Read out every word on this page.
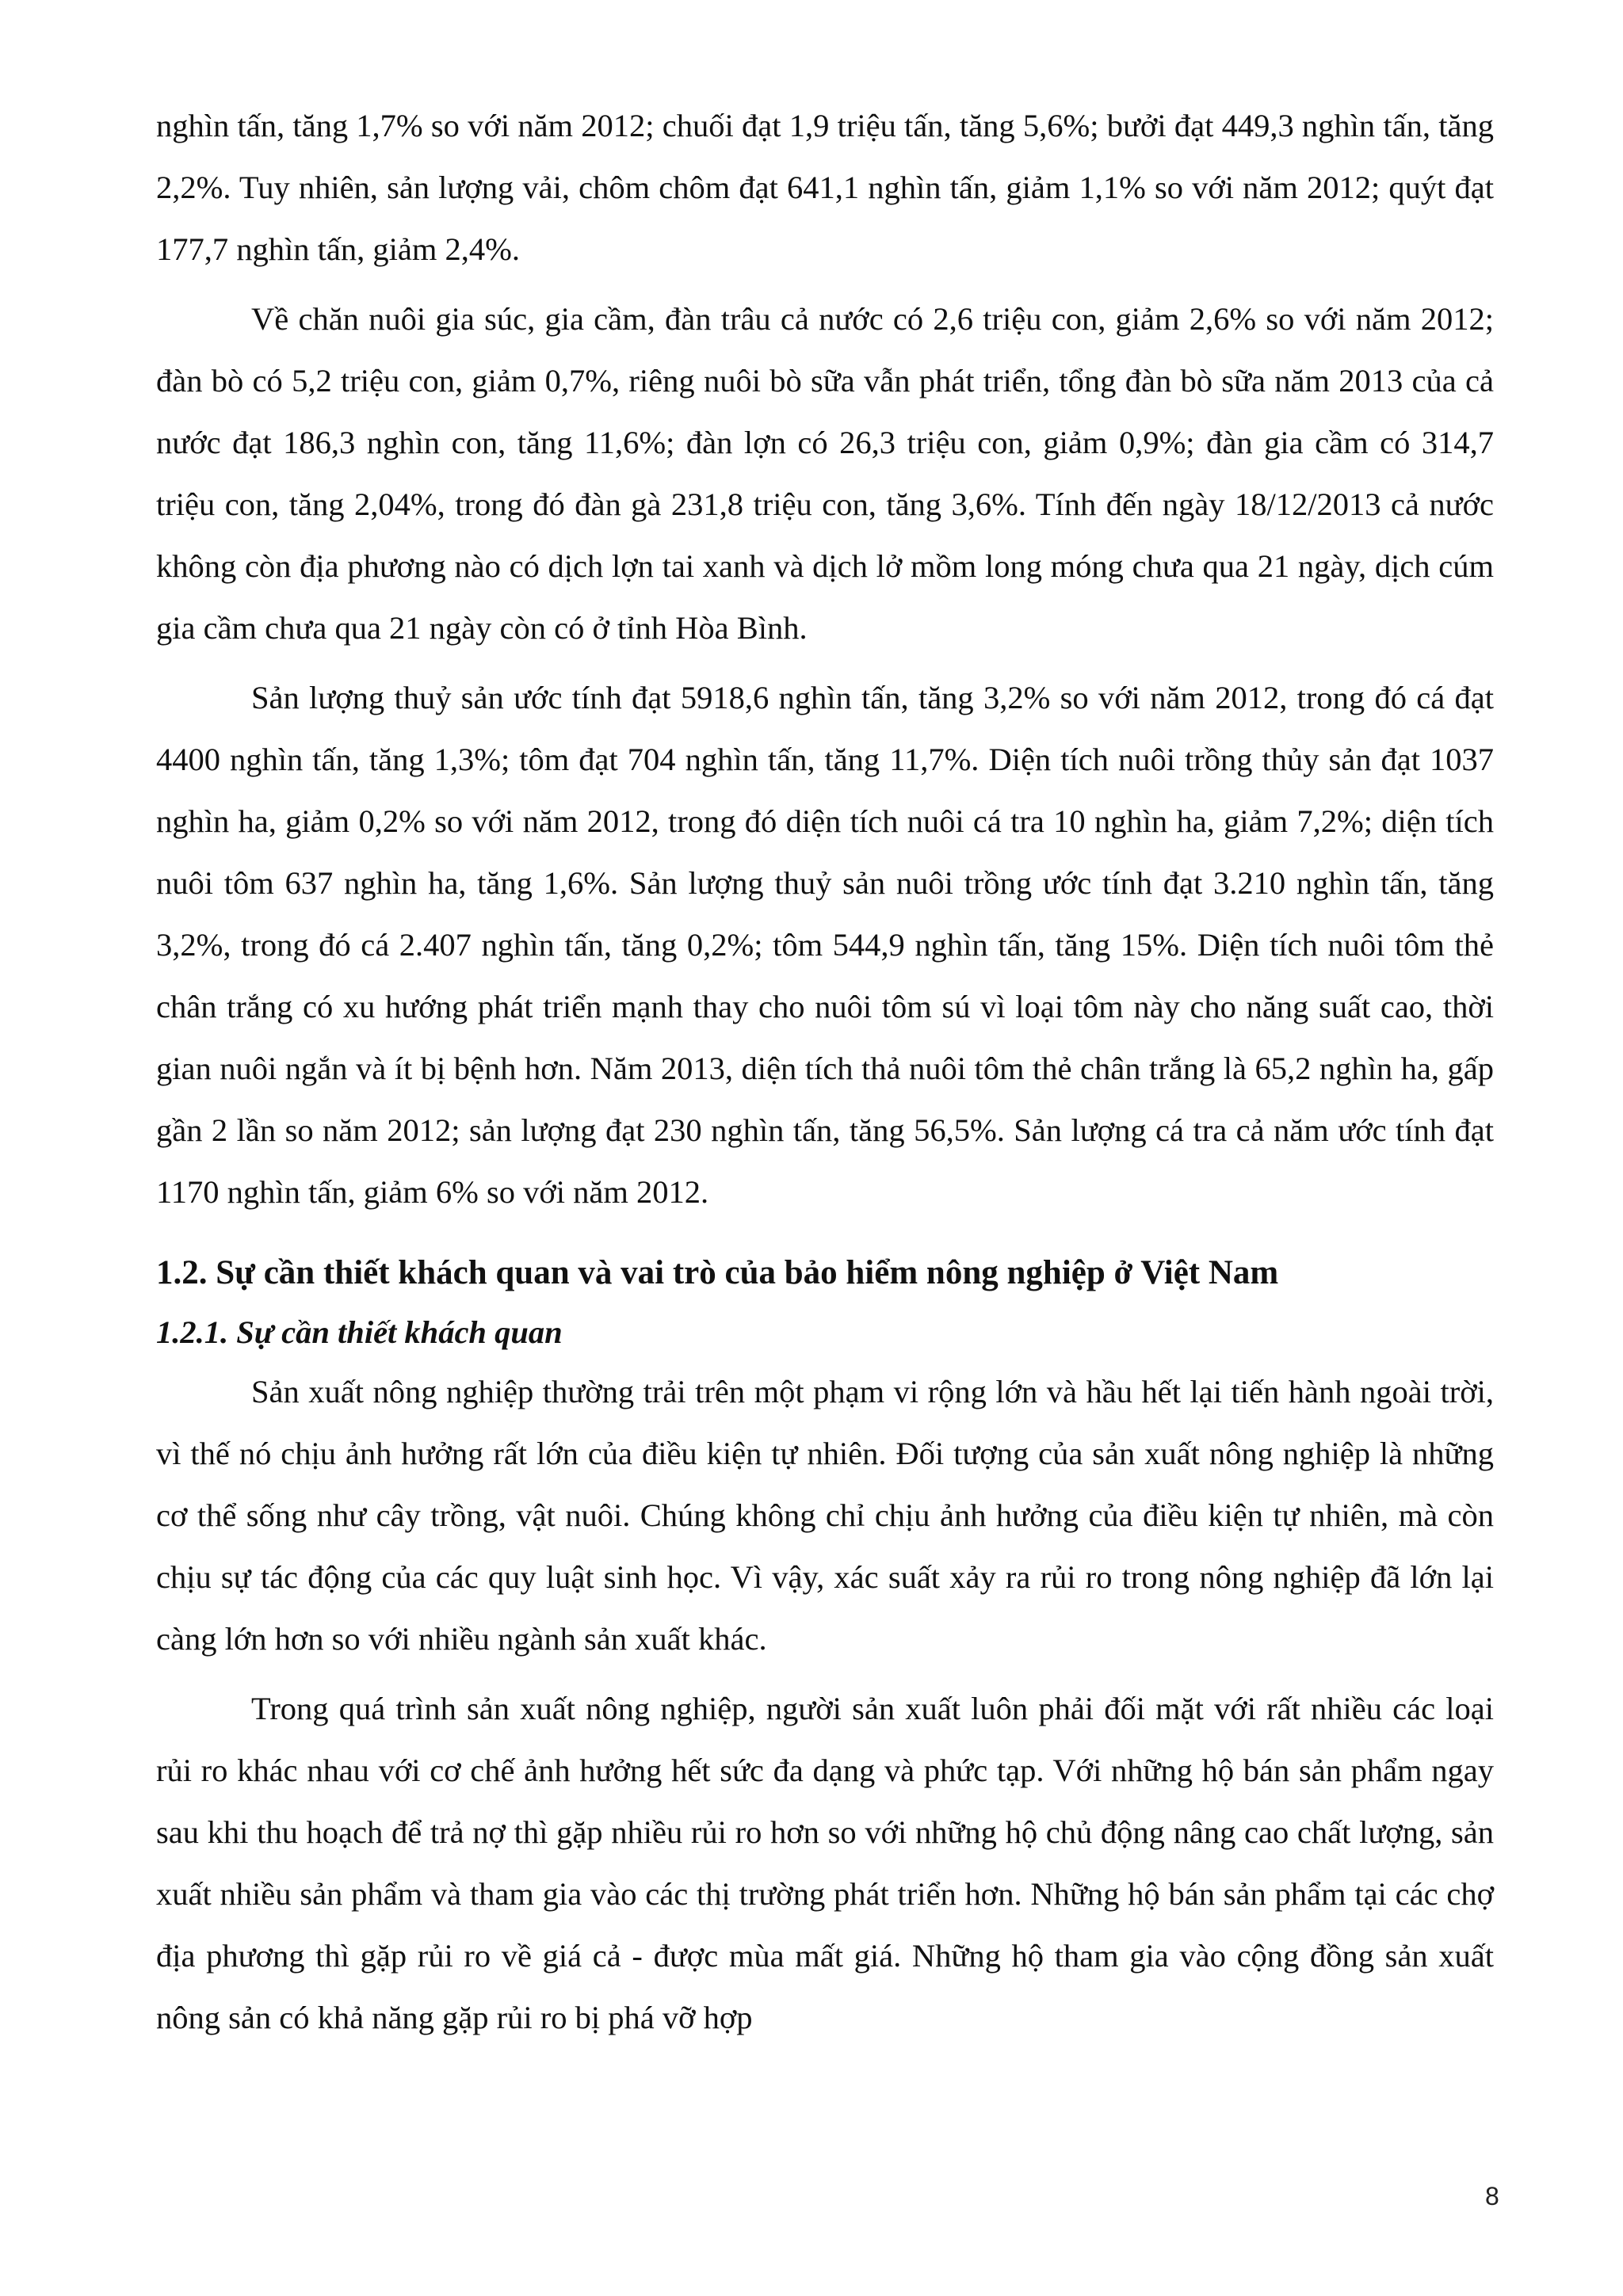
nghìn tấn, tăng 1,7% so với năm 2012; chuối đạt 1,9 triệu tấn, tăng 5,6%; bưởi đạt 449,3 nghìn tấn, tăng 2,2%. Tuy nhiên, sản lượng vải, chôm chôm đạt 641,1 nghìn tấn, giảm 1,1% so với năm 2012; quýt đạt 177,7 nghìn tấn, giảm 2,4%.

Về chăn nuôi gia súc, gia cầm, đàn trâu cả nước có 2,6 triệu con, giảm 2,6% so với năm 2012; đàn bò có 5,2 triệu con, giảm 0,7%, riêng nuôi bò sữa vẫn phát triển, tổng đàn bò sữa năm 2013 của cả nước đạt 186,3 nghìn con, tăng 11,6%; đàn lợn có 26,3 triệu con, giảm 0,9%; đàn gia cầm có 314,7 triệu con, tăng 2,04%, trong đó đàn gà 231,8 triệu con, tăng 3,6%. Tính đến ngày 18/12/2013 cả nước không còn địa phương nào có dịch lợn tai xanh và dịch lở mồm long móng chưa qua 21 ngày, dịch cúm gia cầm chưa qua 21 ngày còn có ở tỉnh Hòa Bình.

Sản lượng thuỷ sản ước tính đạt 5918,6 nghìn tấn, tăng 3,2% so với năm 2012, trong đó cá đạt 4400 nghìn tấn, tăng 1,3%; tôm đạt 704 nghìn tấn, tăng 11,7%. Diện tích nuôi trồng thủy sản đạt 1037 nghìn ha, giảm 0,2% so với năm 2012, trong đó diện tích nuôi cá tra 10 nghìn ha, giảm 7,2%; diện tích nuôi tôm 637 nghìn ha, tăng 1,6%. Sản lượng thuỷ sản nuôi trồng ước tính đạt 3.210 nghìn tấn, tăng 3,2%, trong đó cá 2.407 nghìn tấn, tăng 0,2%; tôm 544,9 nghìn tấn, tăng 15%. Diện tích nuôi tôm thẻ chân trắng có xu hướng phát triển mạnh thay cho nuôi tôm sú vì loại tôm này cho năng suất cao, thời gian nuôi ngắn và ít bị bệnh hơn. Năm 2013, diện tích thả nuôi tôm thẻ chân trắng là 65,2 nghìn ha, gấp gần 2 lần so năm 2012; sản lượng đạt 230 nghìn tấn, tăng 56,5%. Sản lượng cá tra cả năm ước tính đạt 1170 nghìn tấn, giảm 6% so với năm 2012.

1.2. Sự cần thiết khách quan và vai trò của bảo hiểm nông nghiệp ở Việt Nam
1.2.1. Sự cần thiết khách quan

Sản xuất nông nghiệp thường trải trên một phạm vi rộng lớn và hầu hết lại tiến hành ngoài trời, vì thế nó chịu ảnh hưởng rất lớn của điều kiện tự nhiên. Đối tượng của sản xuất nông nghiệp là những cơ thể sống như cây trồng, vật nuôi. Chúng không chỉ chịu ảnh hưởng của điều kiện tự nhiên, mà còn chịu sự tác động của các quy luật sinh học. Vì vậy, xác suất xảy ra rủi ro trong nông nghiệp đã lớn lại càng lớn hơn so với nhiều ngành sản xuất khác.

Trong quá trình sản xuất nông nghiệp, người sản xuất luôn phải đối mặt với rất nhiều các loại rủi ro khác nhau với cơ chế ảnh hưởng hết sức đa dạng và phức tạp. Với những hộ bán sản phẩm ngay sau khi thu hoạch để trả nợ thì gặp nhiều rủi ro hơn so với những hộ chủ động nâng cao chất lượng, sản xuất nhiều sản phẩm và tham gia vào các thị trường phát triển hơn. Những hộ bán sản phẩm tại các chợ địa phương thì gặp rủi ro về giá cả - được mùa mất giá. Những hộ tham gia vào cộng đồng sản xuất nông sản có khả năng gặp rủi ro bị phá vỡ hợp

8
